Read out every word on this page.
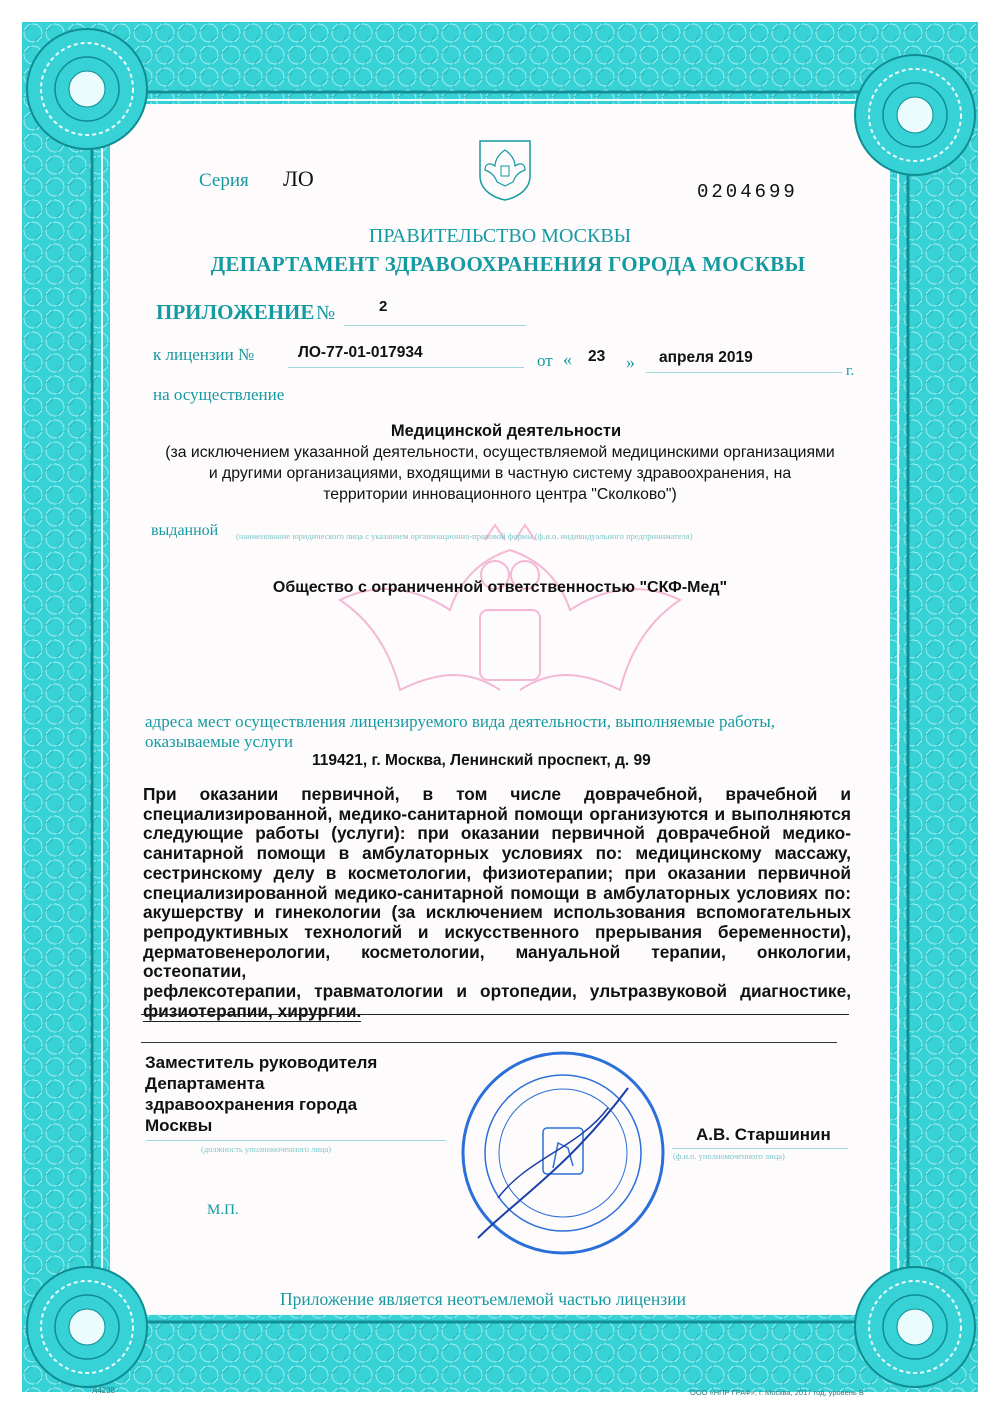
Серия ЛО
0204699
ПРАВИТЕЛЬСТВО МОСКВЫ
ДЕПАРТАМЕНТ ЗДРАВООХРАНЕНИЯ ГОРОДА МОСКВЫ
ПРИЛОЖЕНИЕ №	2
к лицензии №	ЛО-77-01-017934	от « 23 » апреля 2019
г.
на осуществление
Медицинской деятельности
(за исключением указанной деятельности, осуществляемой медицинскими организациями
и другими организациями, входящими в частную систему здравоохранения, на
территории инновационного центра "Сколково")
выданной (наименование юридического лица с указанием организационно-правовой формы (ф.и.о. индивидуального предпринимателя)
Общество с ограниченной ответственностью "СКФ-Мед"
адреса мест осуществления лицензируемого вида деятельности, выполняемые работы,
оказываемые услуги
119421, г. Москва, Ленинский проспект, д. 99
При оказании первичной, в том числе доврачебной, врачебной и
специализированной, медико-санитарной помощи организуются и выполняются
следующие работы (услуги): при оказании первичной доврачебной медико-
санитарной помощи в амбулаторных условиях по: медицинскому массажу,
сестринскому делу в косметологии, физиотерапии; при оказании первичной
специализированной медико-санитарной помощи в амбулаторных условиях по:
акушерству и гинекологии (за исключением использования вспомогательных
репродуктивных технологий и искусственного прерывания беременности),
дерматовенерологии, косметологии, мануальной терапии, онкологии, остеопатии,
рефлексотерапии, травматологии и ортопедии, ультразвуковой диагностике,
физиотерапии, хирургии.
Заместитель руководителя
Департамента
здравоохранения города
Москвы
(должность уполномоченного лица)
А.В. Старшинин
(ф.и.о. уполномоченного лица)
М.П.
Приложение является неотъемлемой частью лицензии
А4238	ООО «НПР ГРАФ», г. Москва, 2017 год, уровень В
